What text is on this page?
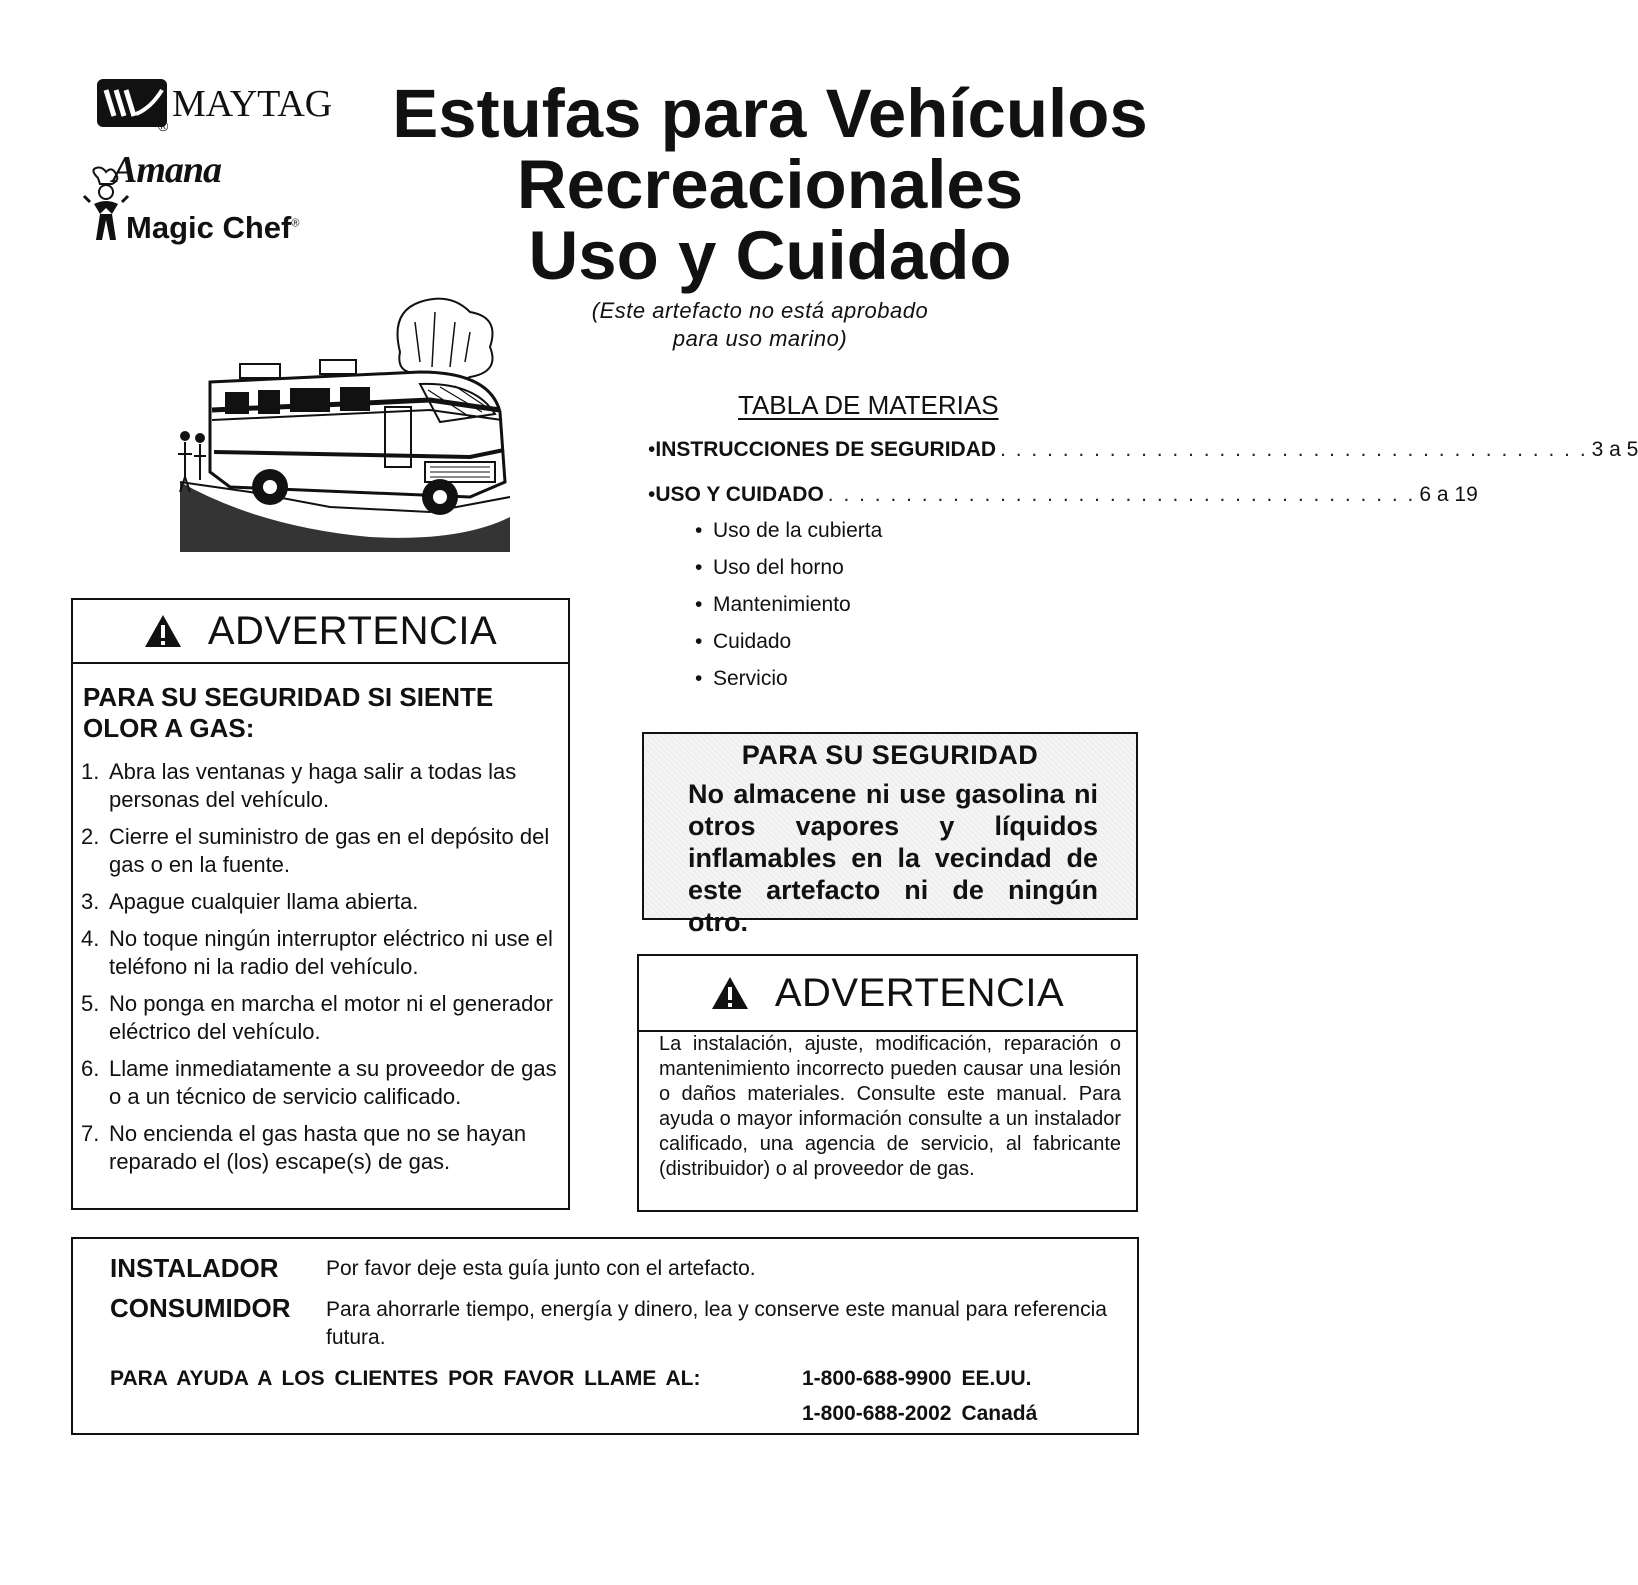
MAYTAG
®
Amana
Magic Chef®
Estufas para Vehículos
Recreacionales
Uso y Cuidado
(Este artefacto no está aprobado
para uso marino)
TABLA DE MATERIAS
• INSTRUCCIONES DE SEGURIDAD . . . . . . . . . . . . . . . . . . . . . . . . . . . . . . . . . . . . . . 3 a 5
• USO Y CUIDADO . . . . . . . . . . . . . . . . . . . . . . . . . . . . . . . . . . . . . . 6 a 19
• Uso de la cubierta
• Uso del horno
• Mantenimiento
• Cuidado
• Servicio
ADVERTENCIA
PARA SU SEGURIDAD SI SIENTE
OLOR A GAS:
1. Abra las ventanas y haga salir a todas las personas del vehículo.
2. Cierre el suministro de gas en el depósito del gas o en la fuente.
3. Apague cualquier llama abierta.
4. No toque ningún interruptor eléctrico ni use el teléfono ni la radio del vehículo.
5. No ponga en marcha el motor ni el generador eléctrico del vehículo.
6. Llame inmediatamente a su proveedor de gas o a un técnico de servicio calificado.
7. No encienda el gas hasta que no se hayan reparado el (los) escape(s) de gas.
PARA SU SEGURIDAD
No almacene ni use gasolina ni otros vapores y líquidos inflamables en la vecindad de este artefacto ni de ningún otro.
ADVERTENCIA
La instalación, ajuste, modificación, reparación o mantenimiento incorrecto pueden causar una lesión o daños materiales. Consulte este manual. Para ayuda o mayor información consulte a un instalador calificado, una agencia de servicio, al fabricante (distribuidor) o al proveedor de gas.
INSTALADOR Por favor deje esta guía junto con el artefacto.
CONSUMIDOR Para ahorrarle tiempo, energía y dinero, lea y conserve este manual para referencia futura.
PARA AYUDA A LOS CLIENTES POR FAVOR LLAME AL:	1-800-688-9900 EE.UU.
1-800-688-2002 Canadá
